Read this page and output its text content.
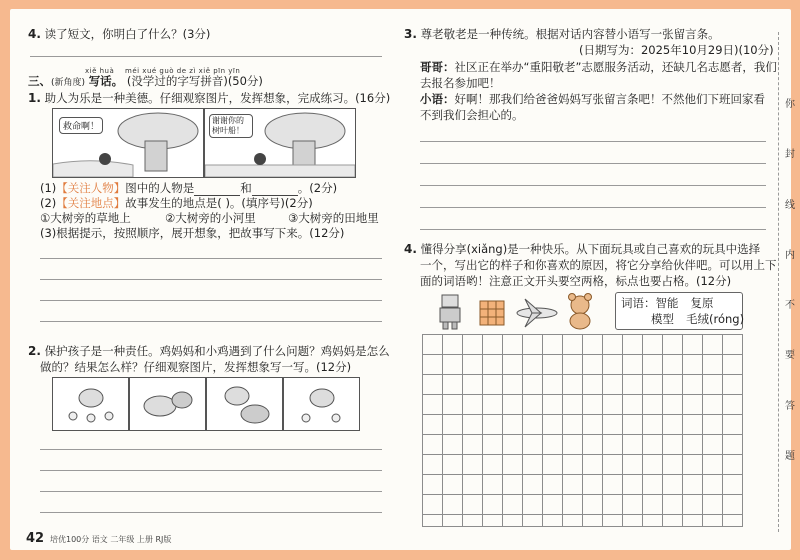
4. 读了短文，你明白了什么？(3分)
xiě huà méi xué guò de zì xiě pīn yīn
三、(新角度) 写话。 (没学过的字写拼音)(50分)
1. 助人为乐是一种美德。仔细观察图片，发挥想象，完成练习。(16分)
救命啊！
谢谢你的树叶船！
(1)【关注人物】图中的人物是	和	。(2分)
(2)【关注地点】故事发生的地点是( )。(填序号)(2分)
①大树旁的草地上	②大树旁的小河里	③大树旁的田地里
(3)根据提示，按照顺序，展开想象，把故事写下来。(12分)
2. 保护孩子是一种责任。鸡妈妈和小鸡遇到了什么问题？鸡妈妈是怎么
做的？结果怎么样？仔细观察图片，发挥想象写一写。(12分)
42 培优100分 语文 二年级 上册 RJ版
3. 尊老敬老是一种传统。根据对话内容替小语写一张留言条。
(日期写为：2025年10月29日)(10分)
哥哥：社区正在举办“重阳敬老”志愿服务活动，还缺几名志愿者，我们
去报名参加吧！
小语：好啊！那我们给爸爸妈妈写张留言条吧！不然他们下班回家看
不到我们会担心的。
4. 懂得分享(xiǎng)是一种快乐。从下面玩具或自己喜欢的玩具中选择
一个，写出它的样子和你喜欢的原因，将它分享给伙伴吧。可以用上下
面的词语哟！注意正文开头要空两格，标点也要占格。(12分)
词语：智能 复原
模型 毛绒(róng)
你
封
线
内
不
要
答
题
